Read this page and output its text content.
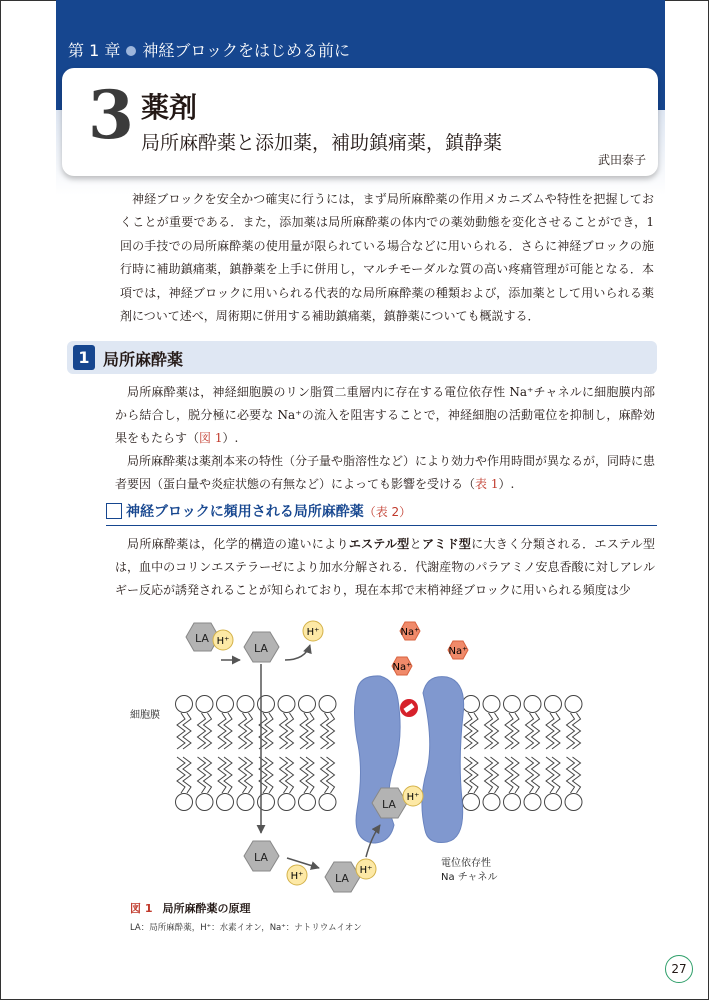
第 1 章 神経ブロックをはじめる前に
3 薬剤
局所麻酔薬と添加薬，補助鎮痛薬，鎮静薬
武田泰子

神経ブロックを安全かつ確実に行うには，まず局所麻酔薬の作用メカニズムや特性を把握しておくことが重要である．また，添加薬は局所麻酔薬の体内での薬効動態を変化させることができ，1回の手技での局所麻酔薬の使用量が限られている場合などに用いられる．さらに神経ブロックの施行時に補助鎮痛薬，鎮静薬を上手に併用し，マルチモーダルな質の高い疼痛管理が可能となる．本項では，神経ブロックに用いられる代表的な局所麻酔薬の種類および，添加薬として用いられる薬剤について述べ，周術期に併用する補助鎮痛薬，鎮静薬についても概説する．

1 局所麻酔薬

局所麻酔薬は，神経細胞膜のリン脂質二重層内に存在する電位依存性 Na⁺チャネルに細胞膜内部から結合し，脱分極に必要な Na⁺の流入を阻害することで，神経細胞の活動電位を抑制し，麻酔効果をもたらす（図 1）.

局所麻酔薬は薬剤本来の特性（分子量や脂溶性など）により効力や作用時間が異なるが，同時に患者要因（蛋白量や炎症状態の有無など）によっても影響を受ける（表 1）.

神経ブロックに頻用される局所麻酔薬（表 2）

局所麻酔薬は，化学的構造の違いによりエステル型とアミド型に大きく分類される．エステル型は，血中のコリンエステラーゼにより加水分解される．代謝産物のパラアミノ安息香酸に対しアレルギー反応が誘発されることが知られており，現在本邦で末梢神経ブロックに用いられる頻度は少

LA
LA
LA
LA
LA
H⁺
H⁺
H⁺
H⁺
H⁺
Na⁺
Na⁺
Na⁺
細胞膜
電位依存性
Na チャネル
図 1 局所麻酔薬の原理
LA：局所麻酔薬，H⁺：水素イオン，Na⁺：ナトリウムイオン
27
